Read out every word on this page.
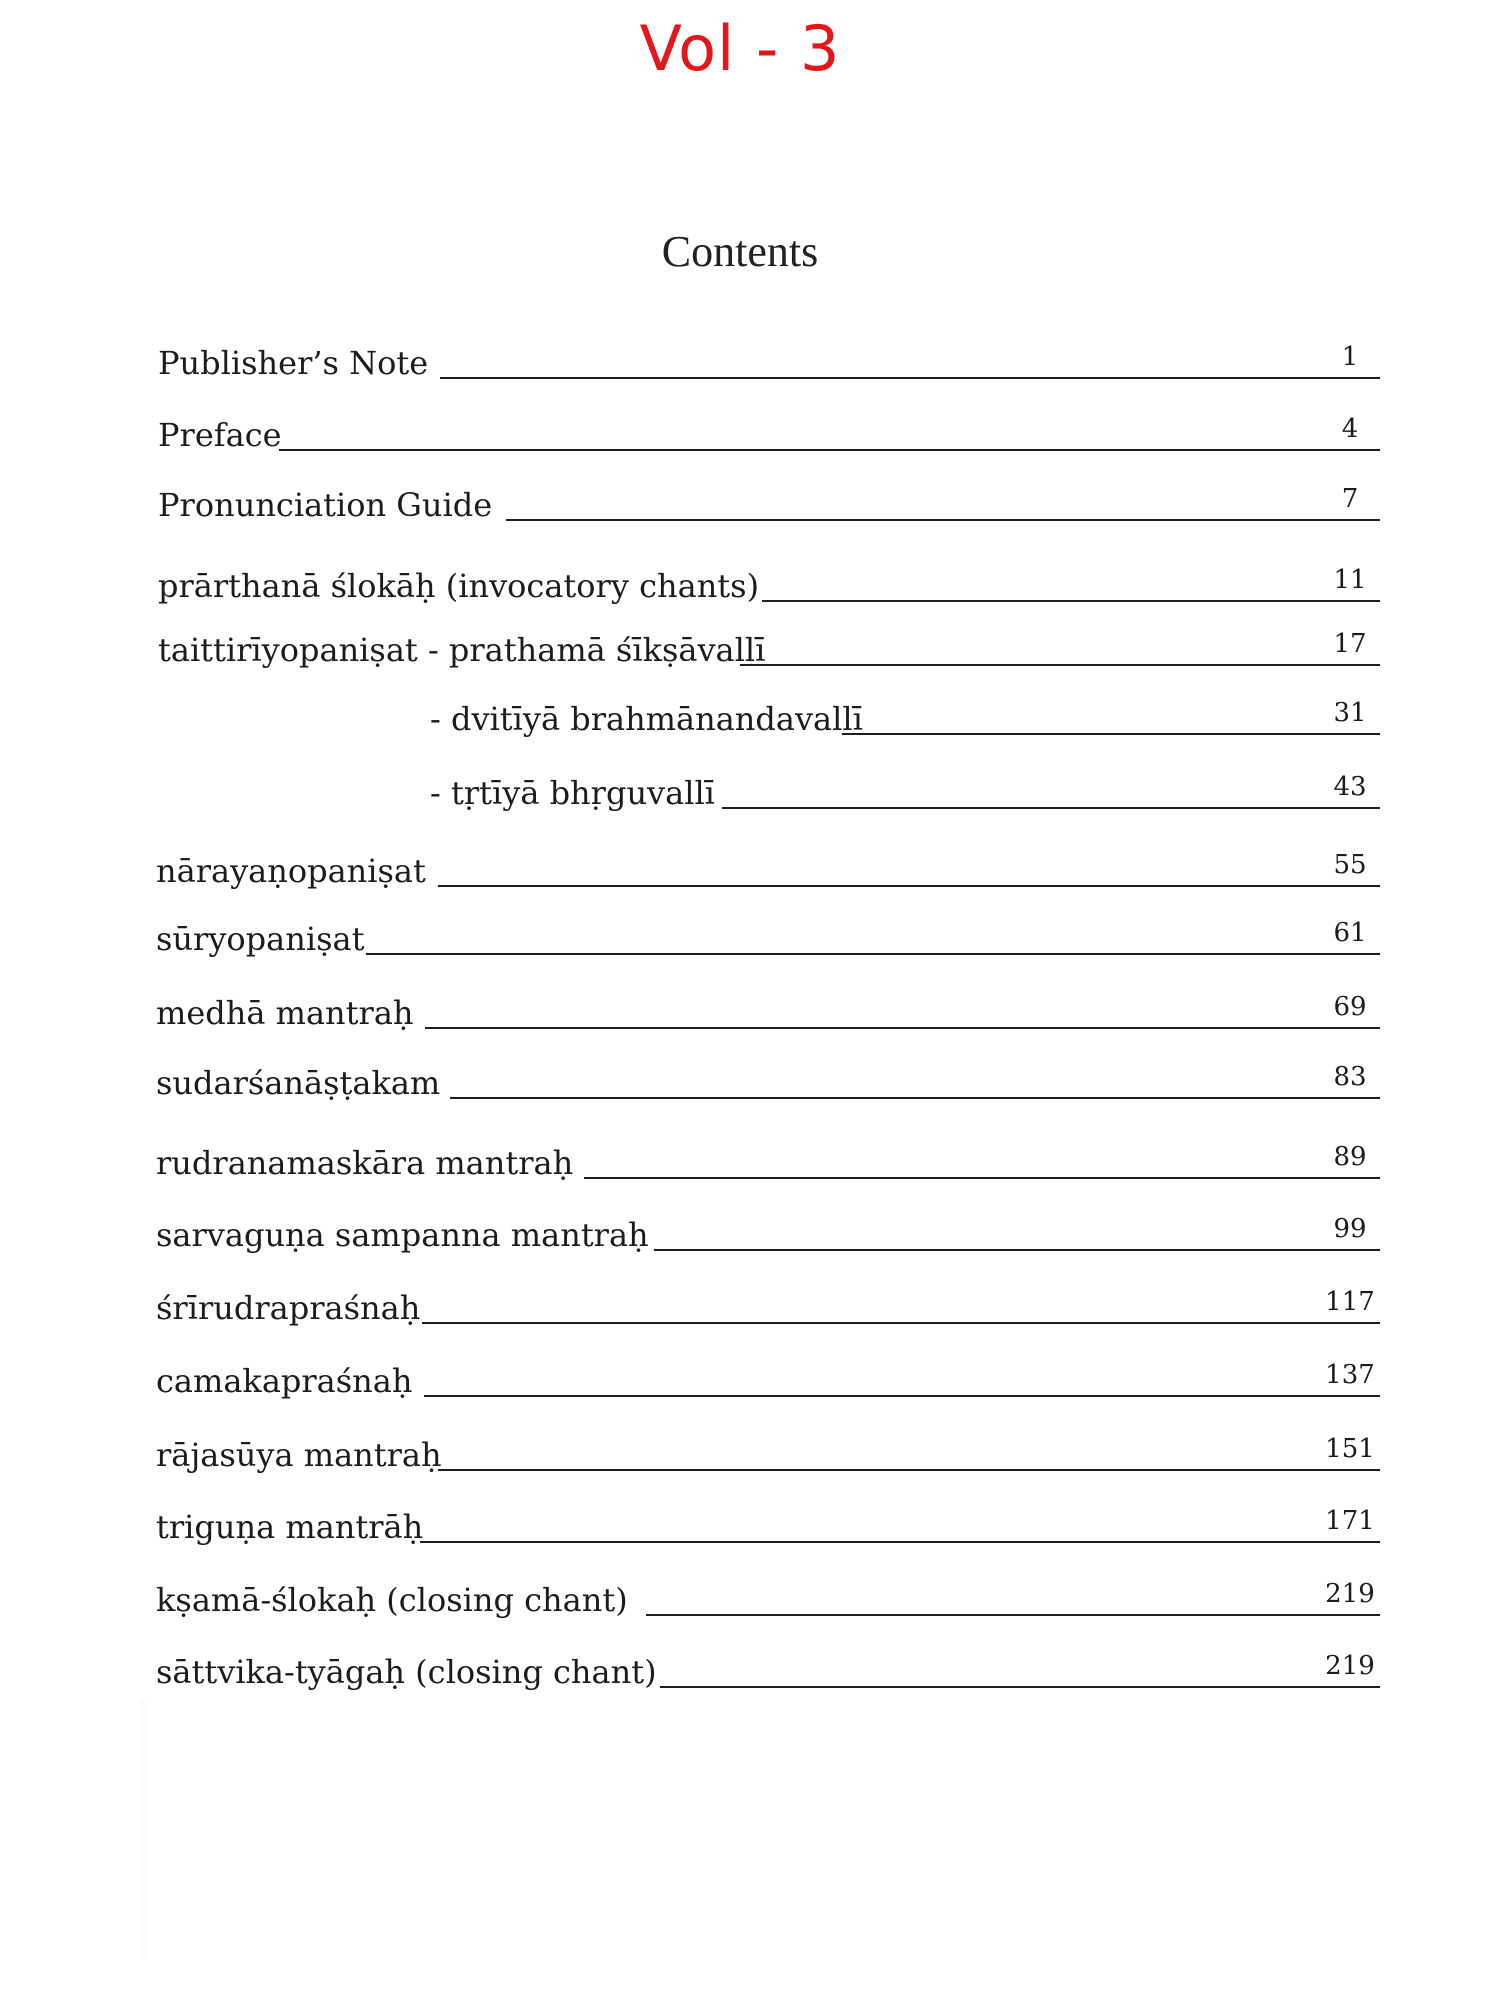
Vol - 3
Contents
Publisher’s Note	1
Preface	4
Pronunciation Guide	7
prārthanā ślokāḥ (invocatory chants)	11
taittirīyopaniṣat - prathamā śīkṣāvallī	17
- dvitīyā brahmānandavallī	31
- tṛtīyā bhṛguvallī	43
nārayaṇopaniṣat	55
sūryopaniṣat	61
medhā mantraḥ	69
sudarśanāṣṭakam	83
rudranamaskāra mantraḥ	89
sarvaguṇa sampanna mantraḥ	99
śrīrudrapraśnaḥ	117
camakapraśnaḥ	137
rājasūya mantraḥ	151
triguṇa mantrāḥ	171
kṣamā-ślokaḥ (closing chant)	219
sāttvika-tyāgaḥ (closing chant)	219
